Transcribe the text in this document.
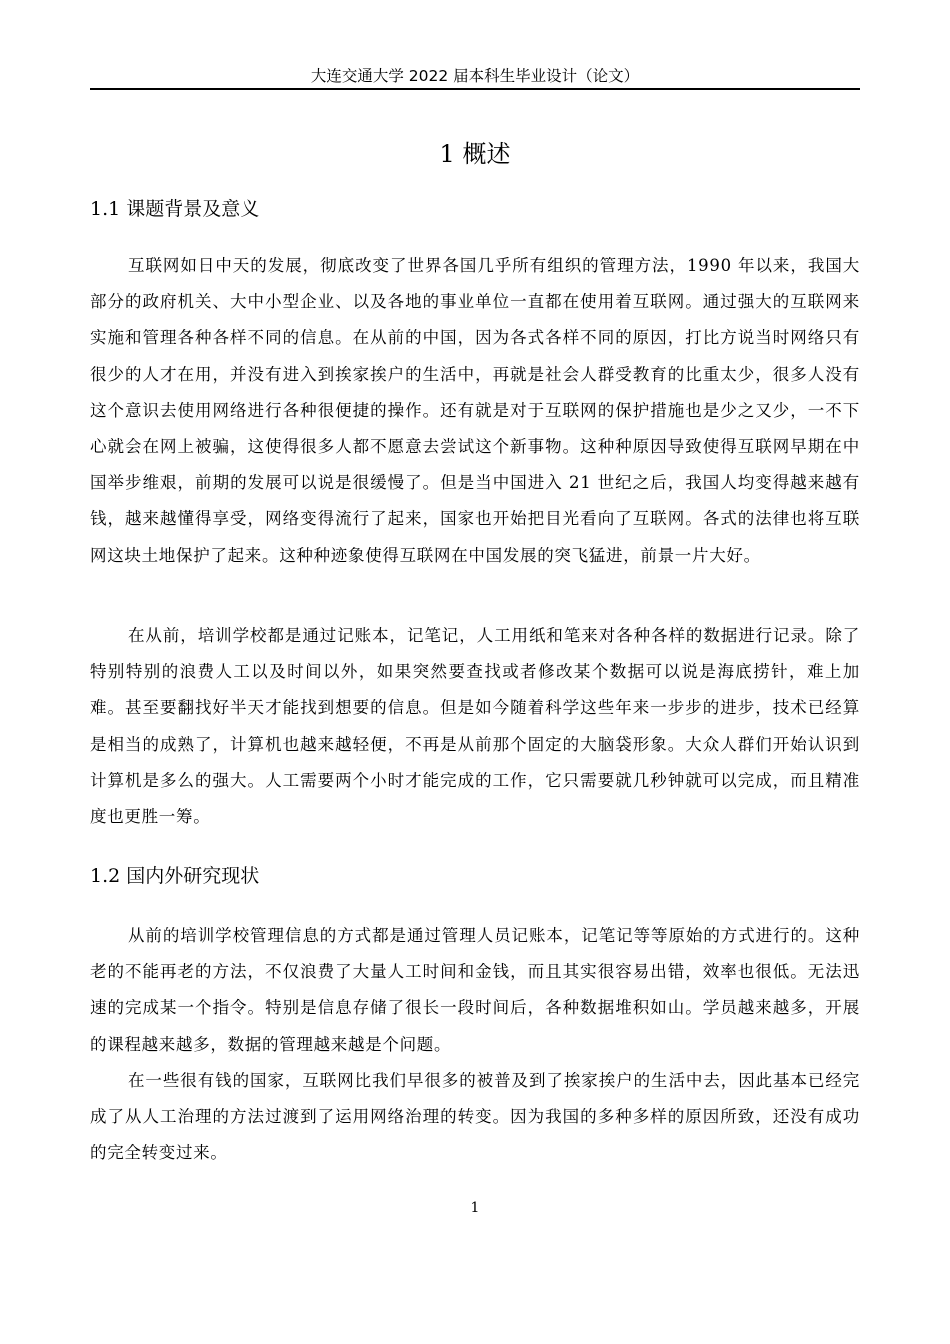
大连交通大学 2022 届本科生毕业设计（论文）
1 概述
1.1 课题背景及意义

互联网如日中天的发展，彻底改变了世界各国几乎所有组织的管理方法，1990 年以来，我国大部分的政府机关、大中小型企业、以及各地的事业单位一直都在使用着互联网。通过强大的互联网来实施和管理各种各样不同的信息。在从前的中国，因为各式各样不同的原因，打比方说当时网络只有很少的人才在用，并没有进入到挨家挨户的生活中，再就是社会人群受教育的比重太少，很多人没有这个意识去使用网络进行各种很便捷的操作。还有就是对于互联网的保护措施也是少之又少，一不下心就会在网上被骗，这使得很多人都不愿意去尝试这个新事物。这种种原因导致使得互联网早期在中国举步维艰，前期的发展可以说是很缓慢了。但是当中国进入 21 世纪之后，我国人均变得越来越有钱，越来越懂得享受，网络变得流行了起来，国家也开始把目光看向了互联网。各式的法律也将互联网这块土地保护了起来。这种种迹象使得互联网在中国发展的突飞猛进，前景一片大好。

在从前，培训学校都是通过记账本，记笔记，人工用纸和笔来对各种各样的数据进行记录。除了特别特别的浪费人工以及时间以外，如果突然要查找或者修改某个数据可以说是海底捞针，难上加难。甚至要翻找好半天才能找到想要的信息。但是如今随着科学这些年来一步步的进步，技术已经算是相当的成熟了，计算机也越来越轻便，不再是从前那个固定的大脑袋形象。大众人群们开始认识到计算机是多么的强大。人工需要两个小时才能完成的工作，它只需要就几秒钟就可以完成，而且精准度也更胜一筹。

1.2 国内外研究现状

从前的培训学校管理信息的方式都是通过管理人员记账本，记笔记等等原始的方式进行的。这种老的不能再老的方法，不仅浪费了大量人工时间和金钱，而且其实很容易出错，效率也很低。无法迅速的完成某一个指令。特别是信息存储了很长一段时间后，各种数据堆积如山。学员越来越多，开展的课程越来越多，数据的管理越来越是个问题。

在一些很有钱的国家，互联网比我们早很多的被普及到了挨家挨户的生活中去，因此基本已经完成了从人工治理的方法过渡到了运用网络治理的转变。因为我国的多种多样的原因所致，还没有成功的完全转变过来。

1
